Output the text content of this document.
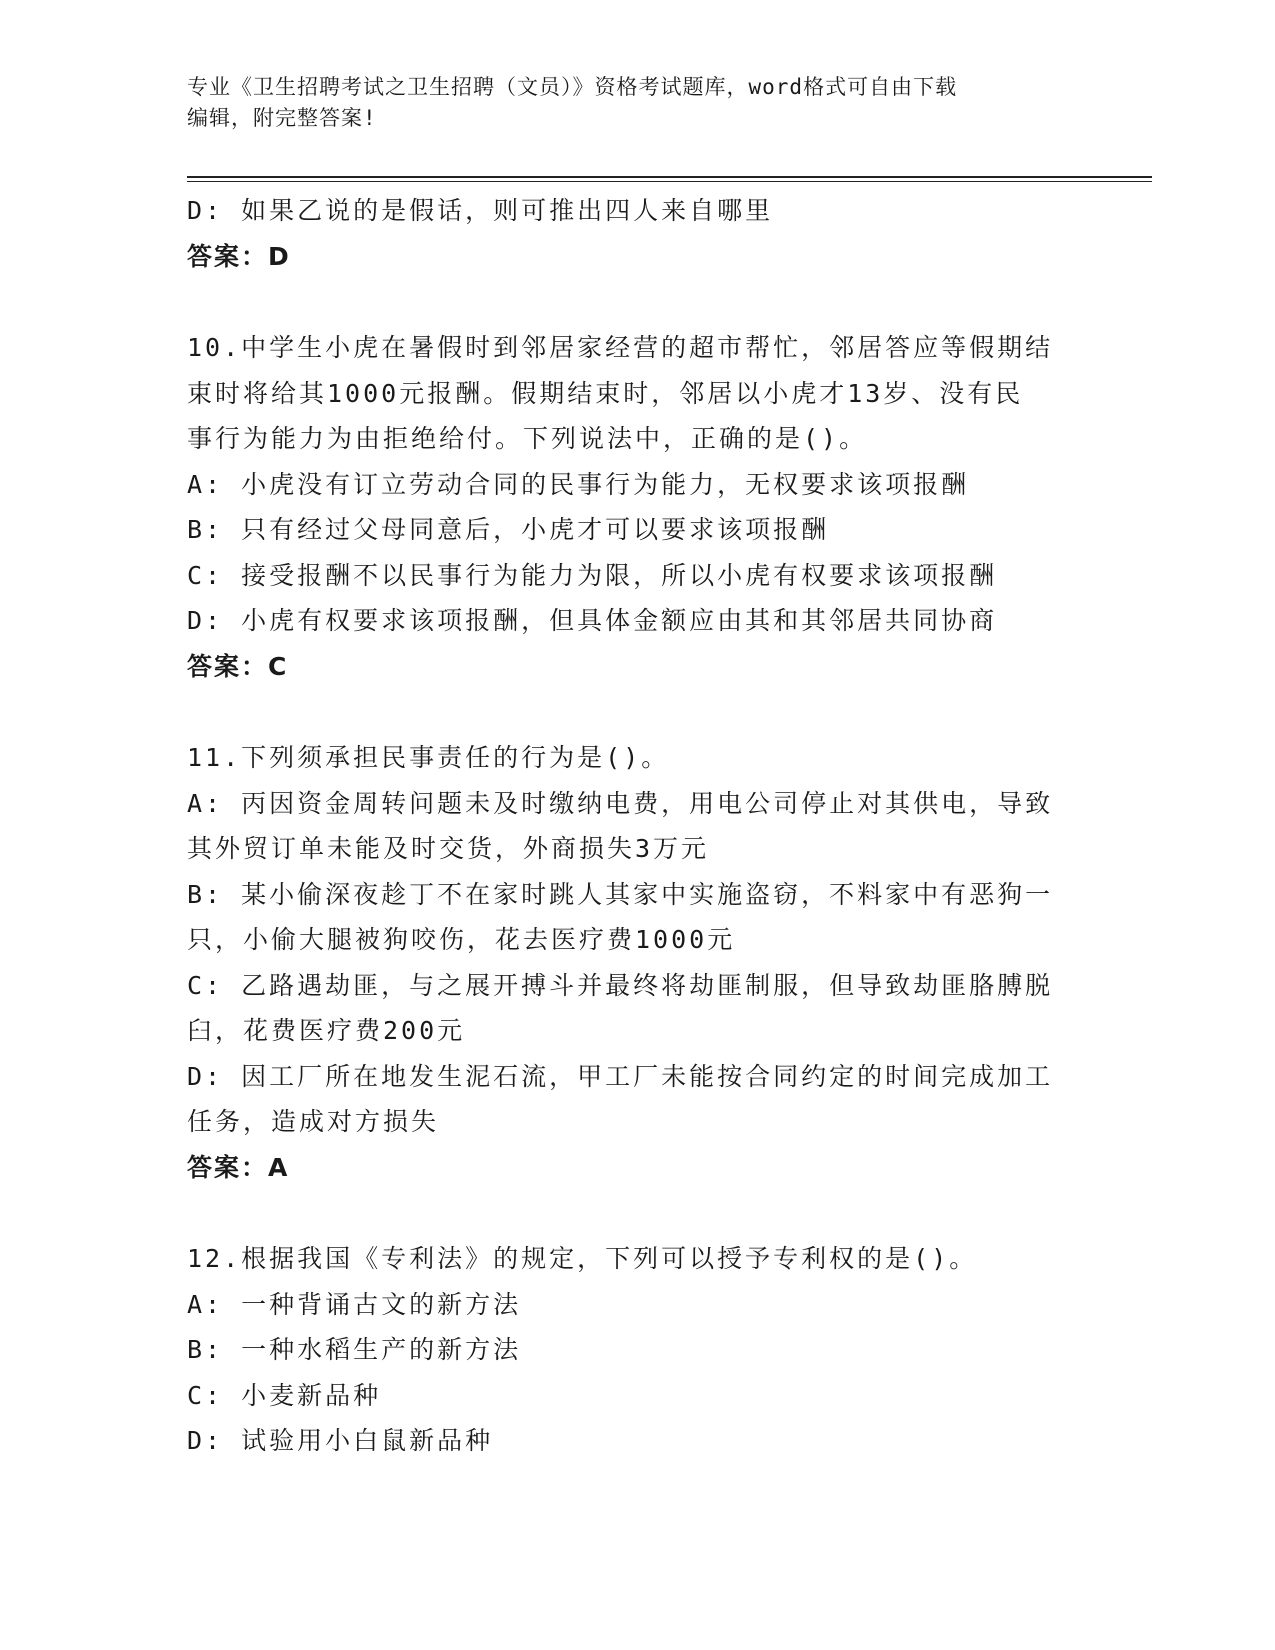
专业《卫生招聘考试之卫生招聘（文员）》资格考试题库，word格式可自由下载
编辑，附完整答案!
D: 如果乙说的是假话，则可推出四人来自哪里
答案：D
10.中学生小虎在暑假时到邻居家经营的超市帮忙，邻居答应等假期结
束时将给其1000元报酬。假期结束时，邻居以小虎才13岁、没有民
事行为能力为由拒绝给付。下列说法中，正确的是()。
A: 小虎没有订立劳动合同的民事行为能力，无权要求该项报酬
B: 只有经过父母同意后，小虎才可以要求该项报酬
C: 接受报酬不以民事行为能力为限，所以小虎有权要求该项报酬
D: 小虎有权要求该项报酬，但具体金额应由其和其邻居共同协商
答案：C
11.下列须承担民事责任的行为是()。
A: 丙因资金周转问题未及时缴纳电费，用电公司停止对其供电，导致
其外贸订单未能及时交货，外商损失3万元
B: 某小偷深夜趁丁不在家时跳人其家中实施盗窃，不料家中有恶狗一
只，小偷大腿被狗咬伤，花去医疗费1000元
C: 乙路遇劫匪，与之展开搏斗并最终将劫匪制服，但导致劫匪胳膊脱
臼，花费医疗费200元
D: 因工厂所在地发生泥石流，甲工厂未能按合同约定的时间完成加工
任务，造成对方损失
答案：A
12.根据我国《专利法》的规定，下列可以授予专利权的是()。
A: 一种背诵古文的新方法
B: 一种水稻生产的新方法
C: 小麦新品种
D: 试验用小白鼠新品种
